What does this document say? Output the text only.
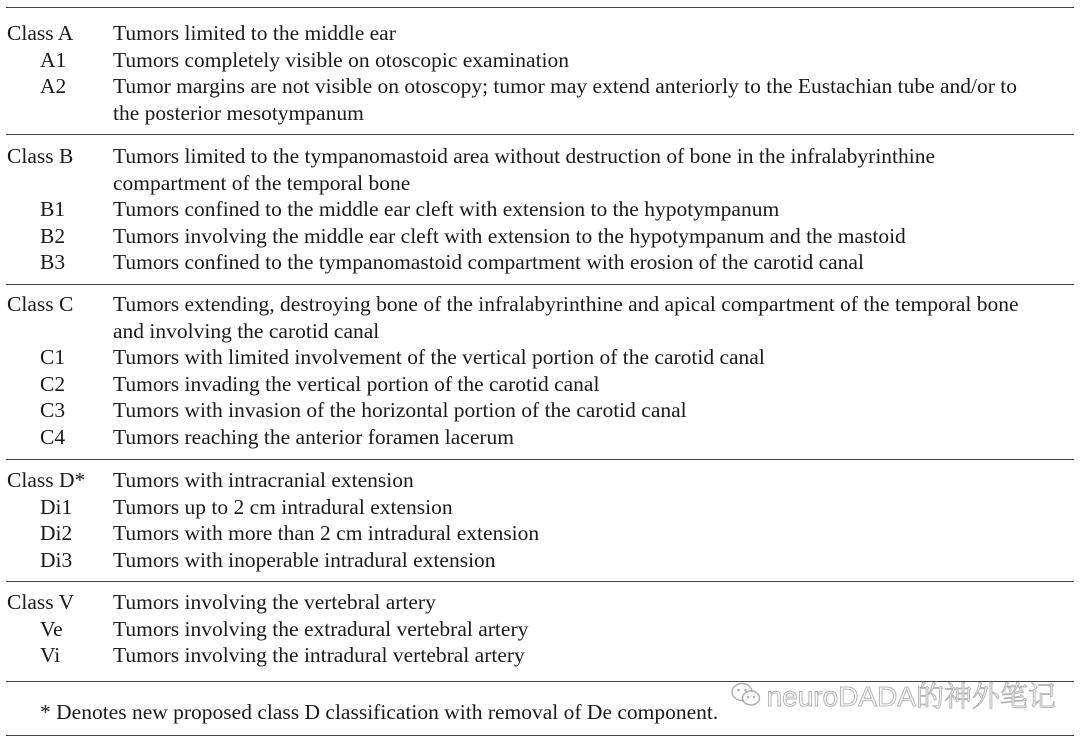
Class A	Tumors limited to the middle ear
A1	Tumors completely visible on otoscopic examination
A2	Tumor margins are not visible on otoscopy; tumor may extend anteriorly to the Eustachian tube and/or to the posterior mesotympanum
Class B	Tumors limited to the tympanomastoid area without destruction of bone in the infralabyrinthine compartment of the temporal bone
B1	Tumors confined to the middle ear cleft with extension to the hypotympanum
B2	Tumors involving the middle ear cleft with extension to the hypotympanum and the mastoid
B3	Tumors confined to the tympanomastoid compartment with erosion of the carotid canal
Class C	Tumors extending, destroying bone of the infralabyrinthine and apical compartment of the temporal bone and involving the carotid canal
C1	Tumors with limited involvement of the vertical portion of the carotid canal
C2	Tumors invading the vertical portion of the carotid canal
C3	Tumors with invasion of the horizontal portion of the carotid canal
C4	Tumors reaching the anterior foramen lacerum
Class D*	Tumors with intracranial extension
Di1	Tumors up to 2 cm intradural extension
Di2	Tumors with more than 2 cm intradural extension
Di3	Tumors with inoperable intradural extension
Class V	Tumors involving the vertebral artery
Ve	Tumors involving the extradural vertebral artery
Vi	Tumors involving the intradural vertebral artery
* Denotes new proposed class D classification with removal of De component. neuroDADA的神外笔记
